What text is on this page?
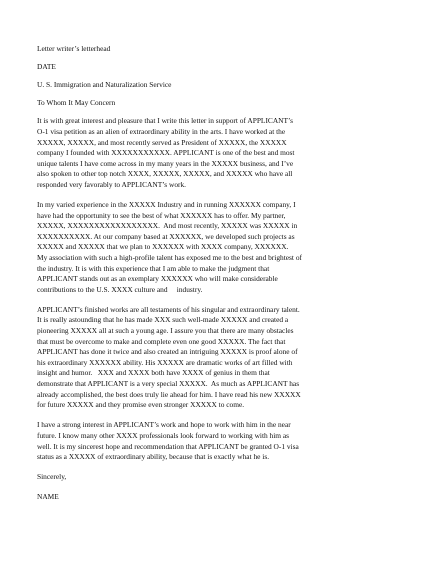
Letter writer’s letterhead
DATE
U. S. Immigration and Naturalization Service
To Whom It May Concern
It is with great interest and pleasure that I write this letter in support of APPLICANT’s
O-1 visa petition as an alien of extraordinary ability in the arts. I have worked at the
XXXXX, XXXXX, and most recently served as President of XXXXX, the XXXXX
company I founded with XXXXXXXXXXX. APPLICANT is one of the best and most
unique talents I have come across in my many years in the XXXXX business, and I’ve
also spoken to other top notch XXXX, XXXXX, XXXXX, and XXXXX who have all
responded very favorably to APPLICANT’s work.
In my varied experience in the XXXXX Industry and in running XXXXXX company, I
have had the opportunity to see the best of what XXXXXX has to offer. My partner,
XXXXX, XXXXXXXXXXXXXXXXX.  And most recently, XXXXX was XXXXX in
XXXXXXXXXX. At our company based at XXXXXX, we developed such projects as
XXXXX and XXXXX that we plan to XXXXXX with XXXX company, XXXXXX.
My association with such a high-profile talent has exposed me to the best and brightest of
the industry. It is with this experience that I am able to make the judgment that
APPLICANT stands out as an exemplary XXXXXX who will make considerable
contributions to the U.S. XXXX culture and     industry.
APPLICANT’s finished works are all testaments of his singular and extraordinary talent.
It is really astounding that he has made XXX such well-made XXXXX and created a
pioneering XXXXX all at such a young age. I assure you that there are many obstacles
that must be overcome to make and complete even one good XXXXX. The fact that
APPLICANT has done it twice and also created an intriguing XXXXX is proof alone of
his extraordinary XXXXXX ability. His XXXXX are dramatic works of art filled with
insight and humor.   XXX and XXXX both have XXXX of genius in them that
demonstrate that APPLICANT is a very special XXXXX.  As much as APPLICANT has
already accomplished, the best does truly lie ahead for him. I have read his new XXXXX
for future XXXXX and they promise even stronger XXXXX to come.
I have a strong interest in APPLICANT’s work and hope to work with him in the near
future. I know many other XXXX professionals look forward to working with him as
well. It is my sincerest hope and recommendation that APPLICANT be granted O-1 visa
status as a XXXXX of extraordinary ability, because that is exactly what he is.
Sincerely,
NAME
